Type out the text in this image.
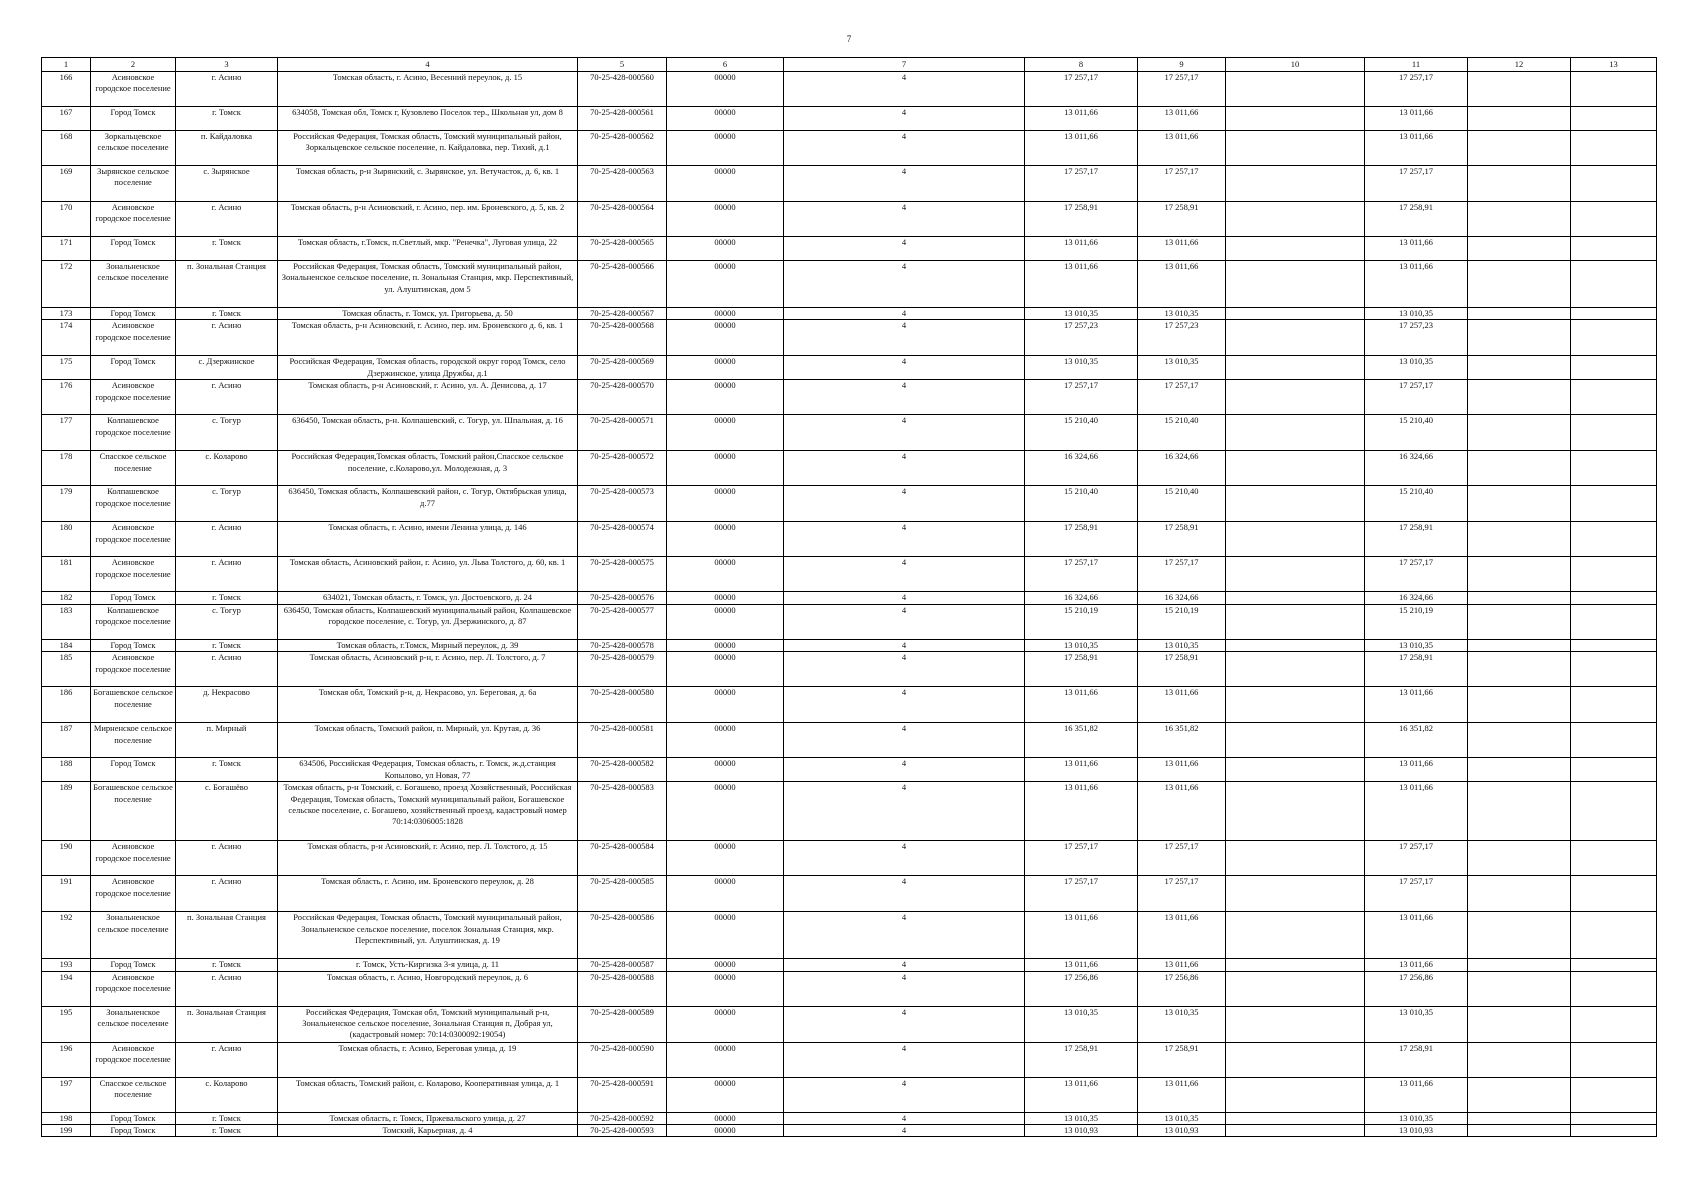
7
1	2	3	4	5	6	7	8	9	10	11	12	13
166	Асиновское городское поселение	г. Асино	Томская область, г. Асино, Весенний переулок, д. 15	70-25-428-000560	00000	4	17 257,17	17 257,17		17 257,17		
167	Город Томск	г. Томск	634058, Томская обл, Томск г, Кузовлево Поселок тер., Школьная ул, дом 8	70-25-428-000561	00000	4	13 011,66	13 011,66		13 011,66		
168	Зоркальцевское сельское поселение	п. Кайдаловка	Российская Федерация, Томская область, Томский муниципальный район, Зоркальцевское сельское поселение, п. Кайдаловка, пер. Тихий, д.1	70-25-428-000562	00000	4	13 011,66	13 011,66		13 011,66		
169	Зырянское сельское поселение	с. Зырянское	Томская область, р-н Зырянский, с. Зырянское, ул. Ветучасток, д. 6, кв. 1	70-25-428-000563	00000	4	17 257,17	17 257,17		17 257,17		
170	Асиновское городское поселение	г. Асино	Томская область, р-н Асиновский, г. Асино, пер. им. Броневского, д. 5, кв. 2	70-25-428-000564	00000	4	17 258,91	17 258,91		17 258,91		
171	Город Томск	г. Томск	Томская область, г.Томск, п.Светлый, мкр. "Ренечка", Луговая улица, 22	70-25-428-000565	00000	4	13 011,66	13 011,66		13 011,66		
172	Зональненское сельское поселение	п. Зональная Станция	Российская Федерация, Томская область, Томский муниципальный район, Зональненское сельское поселение, п. Зональная Станция, мкр. Перспективный, ул. Алуштинская, дом 5	70-25-428-000566	00000	4	13 011,66	13 011,66		13 011,66		
173	Город Томск	г. Томск	Томская область, г. Томск, ул. Григорьева, д. 50	70-25-428-000567	00000	4	13 010,35	13 010,35		13 010,35		
174	Асиновское городское поселение	г. Асино	Томская область, р-н Асиновский, г. Асино, пер. им. Броневского д. 6, кв. 1	70-25-428-000568	00000	4	17 257,23	17 257,23		17 257,23		
175	Город Томск	с. Дзержинское	Российская Федерация, Томская область, городской округ город Томск, село Дзержинское, улица Дружбы, д.1	70-25-428-000569	00000	4	13 010,35	13 010,35		13 010,35		
176	Асиновское городское поселение	г. Асино	Томская область, р-н Асиновский, г. Асино, ул. А. Денисова, д. 17	70-25-428-000570	00000	4	17 257,17	17 257,17		17 257,17		
177	Колпашевское городское поселение	с. Тогур	636450, Томская область, р-н. Колпашевский, с. Тогур, ул. Шпальная, д. 16	70-25-428-000571	00000	4	15 210,40	15 210,40		15 210,40		
178	Спасское сельское поселение	с. Коларово	Российская Федерация,Томская область, Томский район,Спасское сельское поселение, с.Коларово,ул. Молодежная, д. 3	70-25-428-000572	00000	4	16 324,66	16 324,66		16 324,66		
179	Колпашевское городское поселение	с. Тогур	636450, Томская область, Колпашевский район, с. Тогур, Октябрьская улица, д.77	70-25-428-000573	00000	4	15 210,40	15 210,40		15 210,40		
180	Асиновское городское поселение	г. Асино	Томская область, г. Асино, имени Ленина улица, д. 146	70-25-428-000574	00000	4	17 258,91	17 258,91		17 258,91		
181	Асиновское городское поселение	г. Асино	Томская область, Асиновский район, г. Асино, ул. Льва Толстого, д. 60, кв. 1	70-25-428-000575	00000	4	17 257,17	17 257,17		17 257,17		
182	Город Томск	г. Томск	634021, Томская область, г. Томск, ул. Достоевского, д. 24	70-25-428-000576	00000	4	16 324,66	16 324,66		16 324,66		
183	Колпашевское городское поселение	с. Тогур	636450, Томская область, Колпашевский муниципальный район, Колпашевское городское поселение, с. Тогур, ул. Дзержинского, д. 87	70-25-428-000577	00000	4	15 210,19	15 210,19		15 210,19		
184	Город Томск	г. Томск	Томская область, г.Томск, Мирный переулок, д. 39	70-25-428-000578	00000	4	13 010,35	13 010,35		13 010,35		
185	Асиновское городское поселение	г. Асино	Томская область, Асиновский р-н, г. Асино, пер. Л. Толстого, д. 7	70-25-428-000579	00000	4	17 258,91	17 258,91		17 258,91		
186	Богашевское сельское поселение	д. Некрасово	Томская обл, Томский р-н, д. Некрасово, ул. Береговая, д. 6а	70-25-428-000580	00000	4	13 011,66	13 011,66		13 011,66		
187	Мирненское сельское поселение	п. Мирный	Томская область, Томский район, п. Мирный, ул. Крутая, д. 36	70-25-428-000581	00000	4	16 351,82	16 351,82		16 351,82		
188	Город Томск	г. Томск	634506, Российская Федерация, Томская область, г. Томск, ж.д.станция Копылово, ул Новая, 77	70-25-428-000582	00000	4	13 011,66	13 011,66		13 011,66		
189	Богашевское сельское поселение	с. Богашёво	Томская область, р-н Томский, с. Богашево, проезд Хозяйственный, Российская Федерация, Томская область, Томский муниципальный район, Богашевское сельское поселение, с. Богашево, хозяйственный проезд, кадастровый номер 70:14:0306005:1828	70-25-428-000583	00000	4	13 011,66	13 011,66		13 011,66		
190	Асиновское городское поселение	г. Асино	Томская область, р-н Асиновский, г. Асино, пер. Л. Толстого, д. 15	70-25-428-000584	00000	4	17 257,17	17 257,17		17 257,17		
191	Асиновское городское поселение	г. Асино	Томская область, г. Асино, им. Броневского переулок, д. 28	70-25-428-000585	00000	4	17 257,17	17 257,17		17 257,17		
192	Зональненское сельское поселение	п. Зональная Станция	Российская Федерация, Томская область, Томский муниципальный район, Зональненское сельское поселение, поселок Зональная Станция, мкр. Перспективный, ул. Алуштинская, д. 19	70-25-428-000586	00000	4	13 011,66	13 011,66		13 011,66		
193	Город Томск	г. Томск	г. Томск, Усть-Киргизка 3-я улица, д. 11	70-25-428-000587	00000	4	13 011,66	13 011,66		13 011,66		
194	Асиновское городское поселение	г. Асино	Томская область, г. Асино, Новгородский переулок, д. 6	70-25-428-000588	00000	4	17 256,86	17 256,86		17 256,86		
195	Зональненское сельское поселение	п. Зональная Станция	Российская Федерация, Томская обл, Томский муниципальный р-н, Зональненское сельское поселение, Зональная Станция п, Добрая ул, (кадастровый номер: 70:14:0300092:19054)	70-25-428-000589	00000	4	13 010,35	13 010,35		13 010,35		
196	Асиновское городское поселение	г. Асино	Томская область, г. Асино, Береговая улица, д. 19	70-25-428-000590	00000	4	17 258,91	17 258,91		17 258,91		
197	Спасское сельское поселение	с. Коларово	Томская область, Томский район, с. Коларово, Кооперативная улица, д. 1	70-25-428-000591	00000	4	13 011,66	13 011,66		13 011,66		
198	Город Томск	г. Томск	Томская область, г. Томск, Пржевальского улица, д. 27	70-25-428-000592	00000	4	13 010,35	13 010,35		13 010,35		
199	Город Томск	г. Томск	Томский, Карьерная, д. 4	70-25-428-000593	00000	4	13 010,93	13 010,93		13 010,93		
